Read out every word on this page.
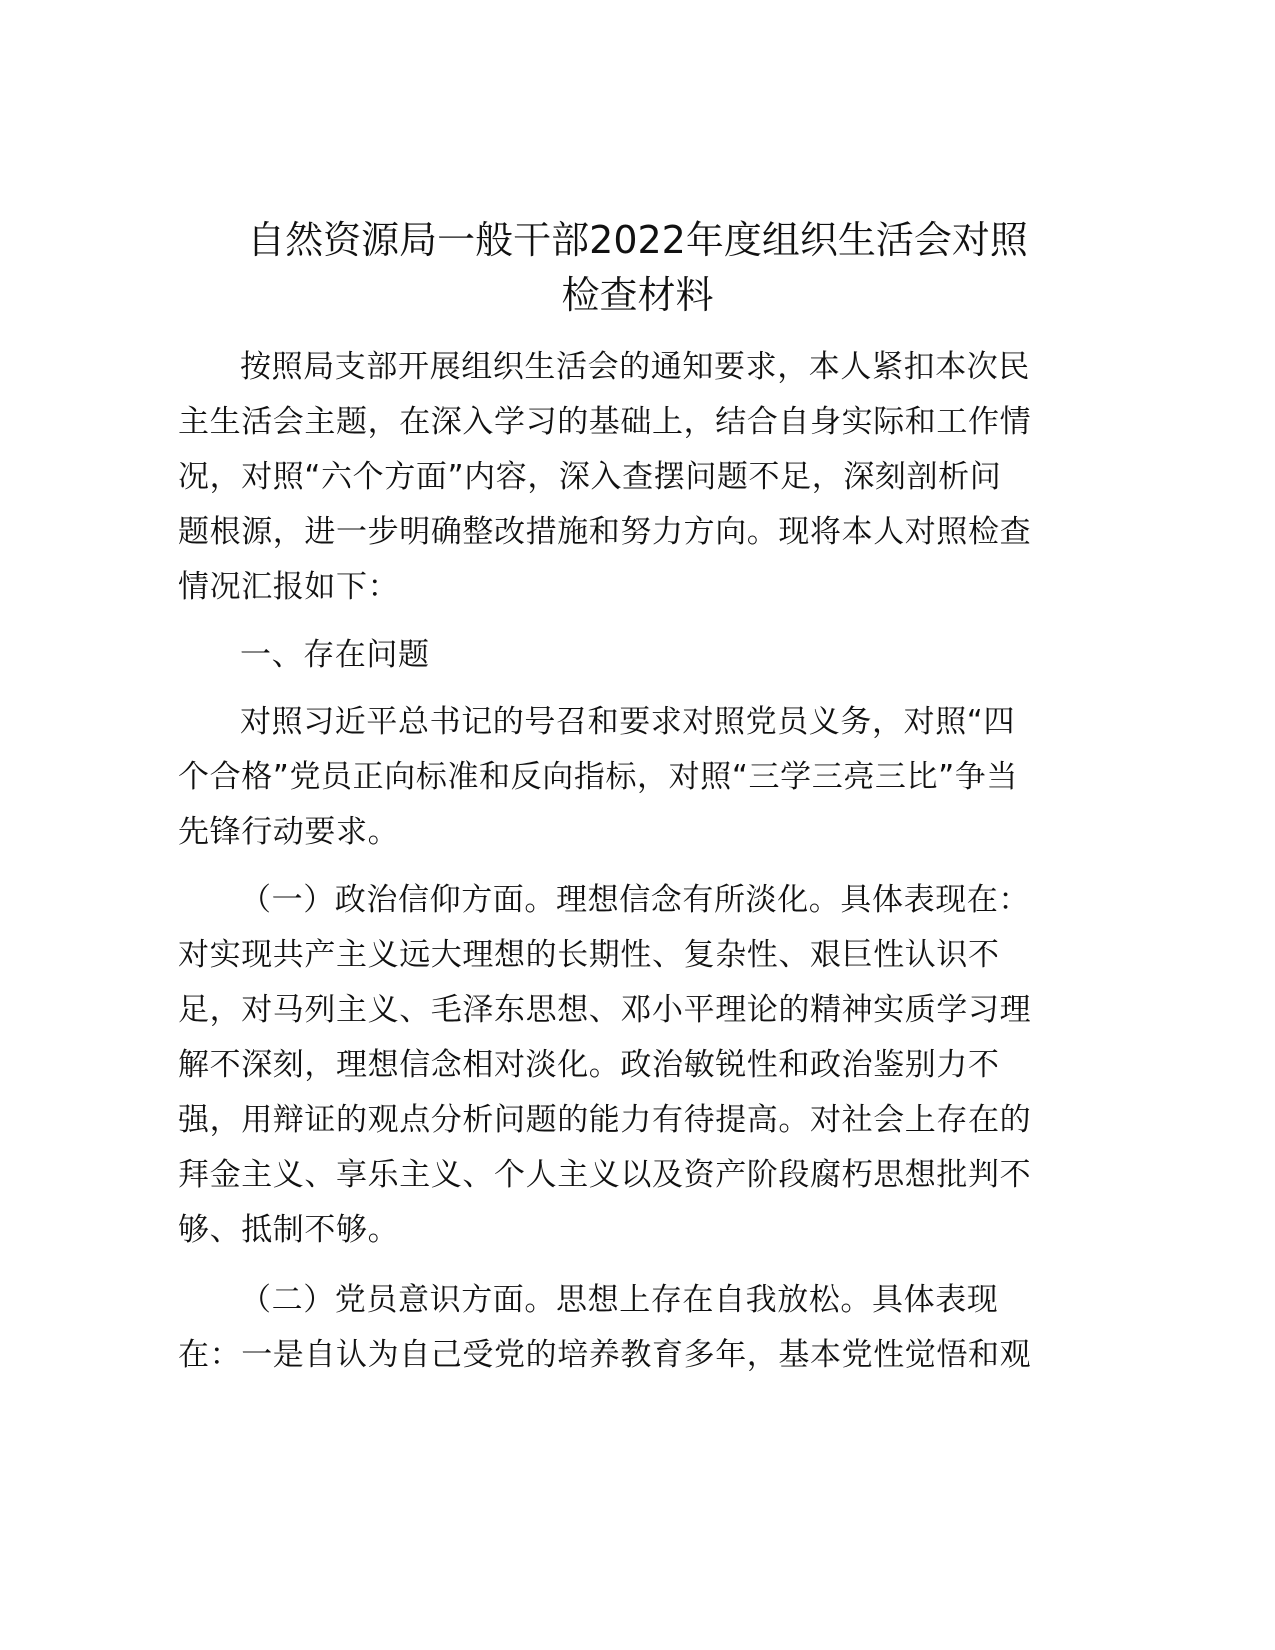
自然资源局一般干部2022年度组织生活会对照
检查材料
按照局支部开展组织生活会的通知要求，本人紧扣本次民
主生活会主题，在深入学习的基础上，结合自身实际和工作情
况，对照“六个方面”内容，深入查摆问题不足，深刻剖析问
题根源，进一步明确整改措施和努力方向。现将本人对照检查
情况汇报如下：
一、存在问题
对照习近平总书记的号召和要求对照党员义务，对照“四
个合格”党员正向标准和反向指标，对照“三学三亮三比”争当
先锋行动要求。
（一）政治信仰方面。理想信念有所淡化。具体表现在：
对实现共产主义远大理想的长期性、复杂性、艰巨性认识不
足，对马列主义、毛泽东思想、邓小平理论的精神实质学习理
解不深刻，理想信念相对淡化。政治敏锐性和政治鉴别力不
强，用辩证的观点分析问题的能力有待提高。对社会上存在的
拜金主义、享乐主义、个人主义以及资产阶段腐朽思想批判不
够、抵制不够。
（二）党员意识方面。思想上存在自我放松。具体表现
在：一是自认为自己受党的培养教育多年，基本党性觉悟和观
